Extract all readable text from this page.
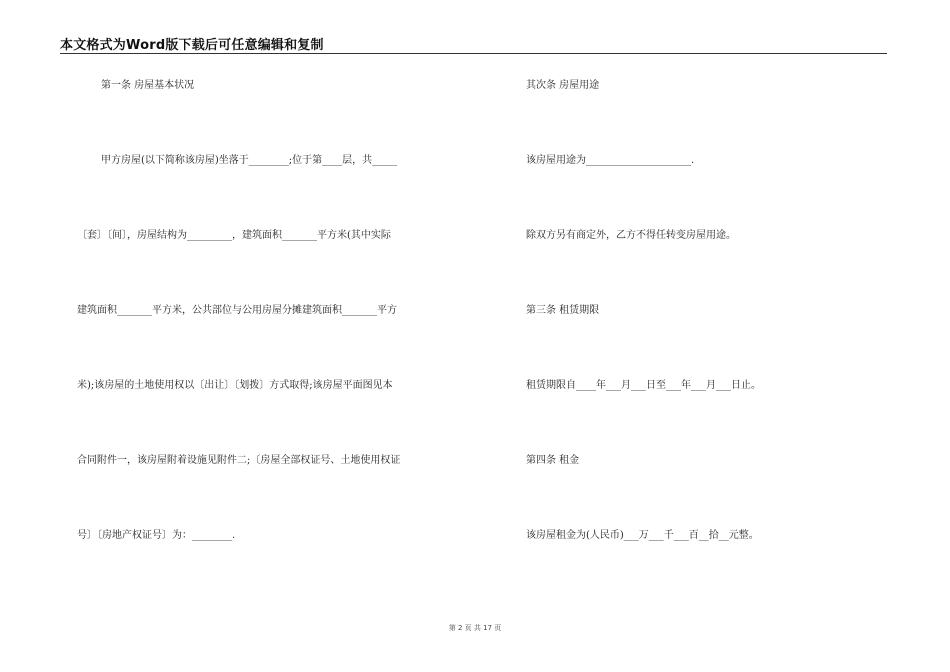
本文格式为Word版下载后可任意编辑和复制
第一条 房屋基本状况
甲方房屋(以下简称该房屋)坐落于________;位于第____层，共_____
〔套〕〔间〕，房屋结构为_________，建筑面积_______平方米(其中实际
建筑面积_______平方米，公共部位与公用房屋分摊建筑面积_______平方
米);该房屋的土地使用权以〔出让〕〔划拨〕方式取得;该房屋平面图见本
合同附件一，该房屋附着设施见附件二;〔房屋全部权证号、土地使用权证
号〕〔房地产权证号〕为：________.
其次条 房屋用途
该房屋用途为_____________________.
除双方另有商定外，乙方不得任转变房屋用途。
第三条 租赁期限
租赁期限自____年___月___日至___年___月___日止。
第四条 租金
该房屋租金为(人民币)___万___千___百__拾__元整。
第 2 页 共 17 页
